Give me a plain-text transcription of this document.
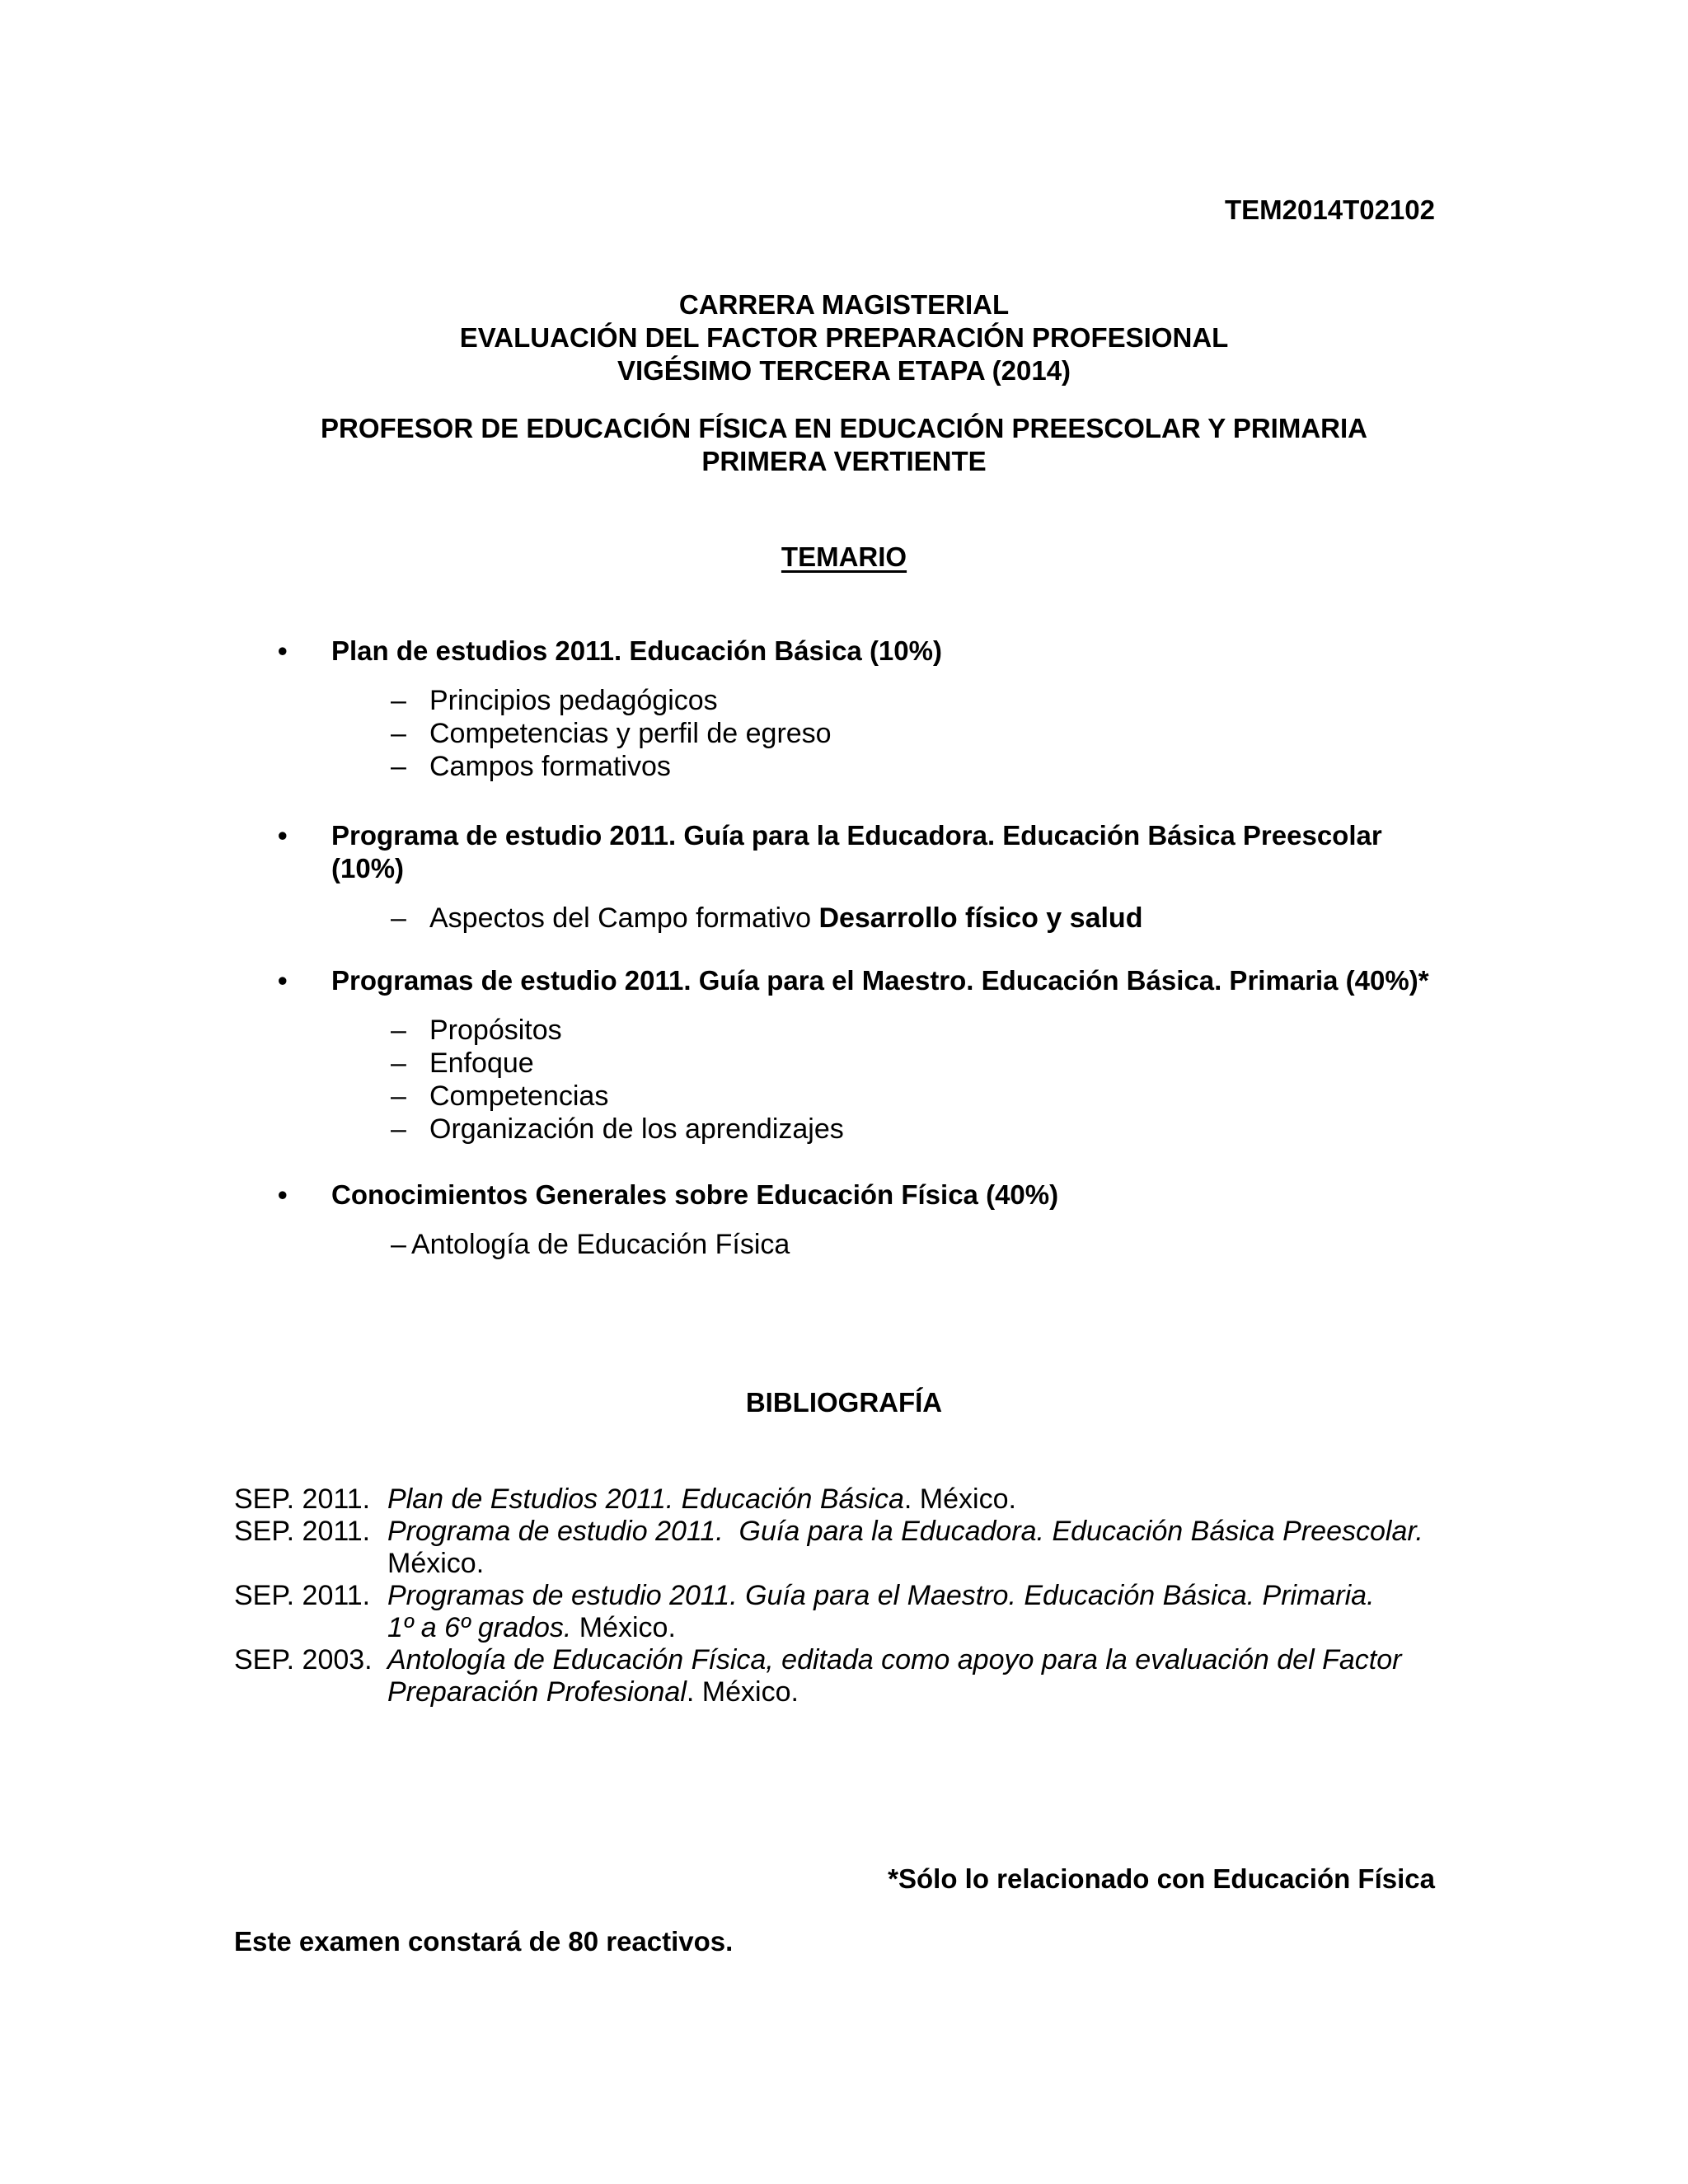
TEM2014T02102
CARRERA MAGISTERIAL
EVALUACIÓN DEL FACTOR PREPARACIÓN PROFESIONAL
VIGÉSIMO TERCERA ETAPA (2014)
PROFESOR DE EDUCACIÓN FÍSICA EN EDUCACIÓN PREESCOLAR Y PRIMARIA
PRIMERA VERTIENTE
TEMARIO
• Plan de estudios 2011. Educación Básica (10%)
– Principios pedagógicos
– Competencias y perfil de egreso
– Campos formativos
• Programa de estudio 2011. Guía para la Educadora. Educación Básica Preescolar (10%)
– Aspectos del Campo formativo Desarrollo físico y salud
• Programas de estudio 2011. Guía para el Maestro. Educación Básica. Primaria (40%)*
– Propósitos
– Enfoque
– Competencias
– Organización de los aprendizajes
• Conocimientos Generales sobre Educación Física (40%)
– Antología de Educación Física
BIBLIOGRAFÍA
SEP. 2011. Plan de Estudios 2011. Educación Básica. México.
SEP. 2011. Programa de estudio 2011.  Guía para la Educadora. Educación Básica Preescolar. México.
SEP. 2011. Programas de estudio 2011. Guía para el Maestro. Educación Básica. Primaria. 1º a 6º grados. México.
SEP. 2003. Antología de Educación Física, editada como apoyo para la evaluación del Factor Preparación Profesional. México.
*Sólo lo relacionado con Educación Física
Este examen constará de 80 reactivos.
